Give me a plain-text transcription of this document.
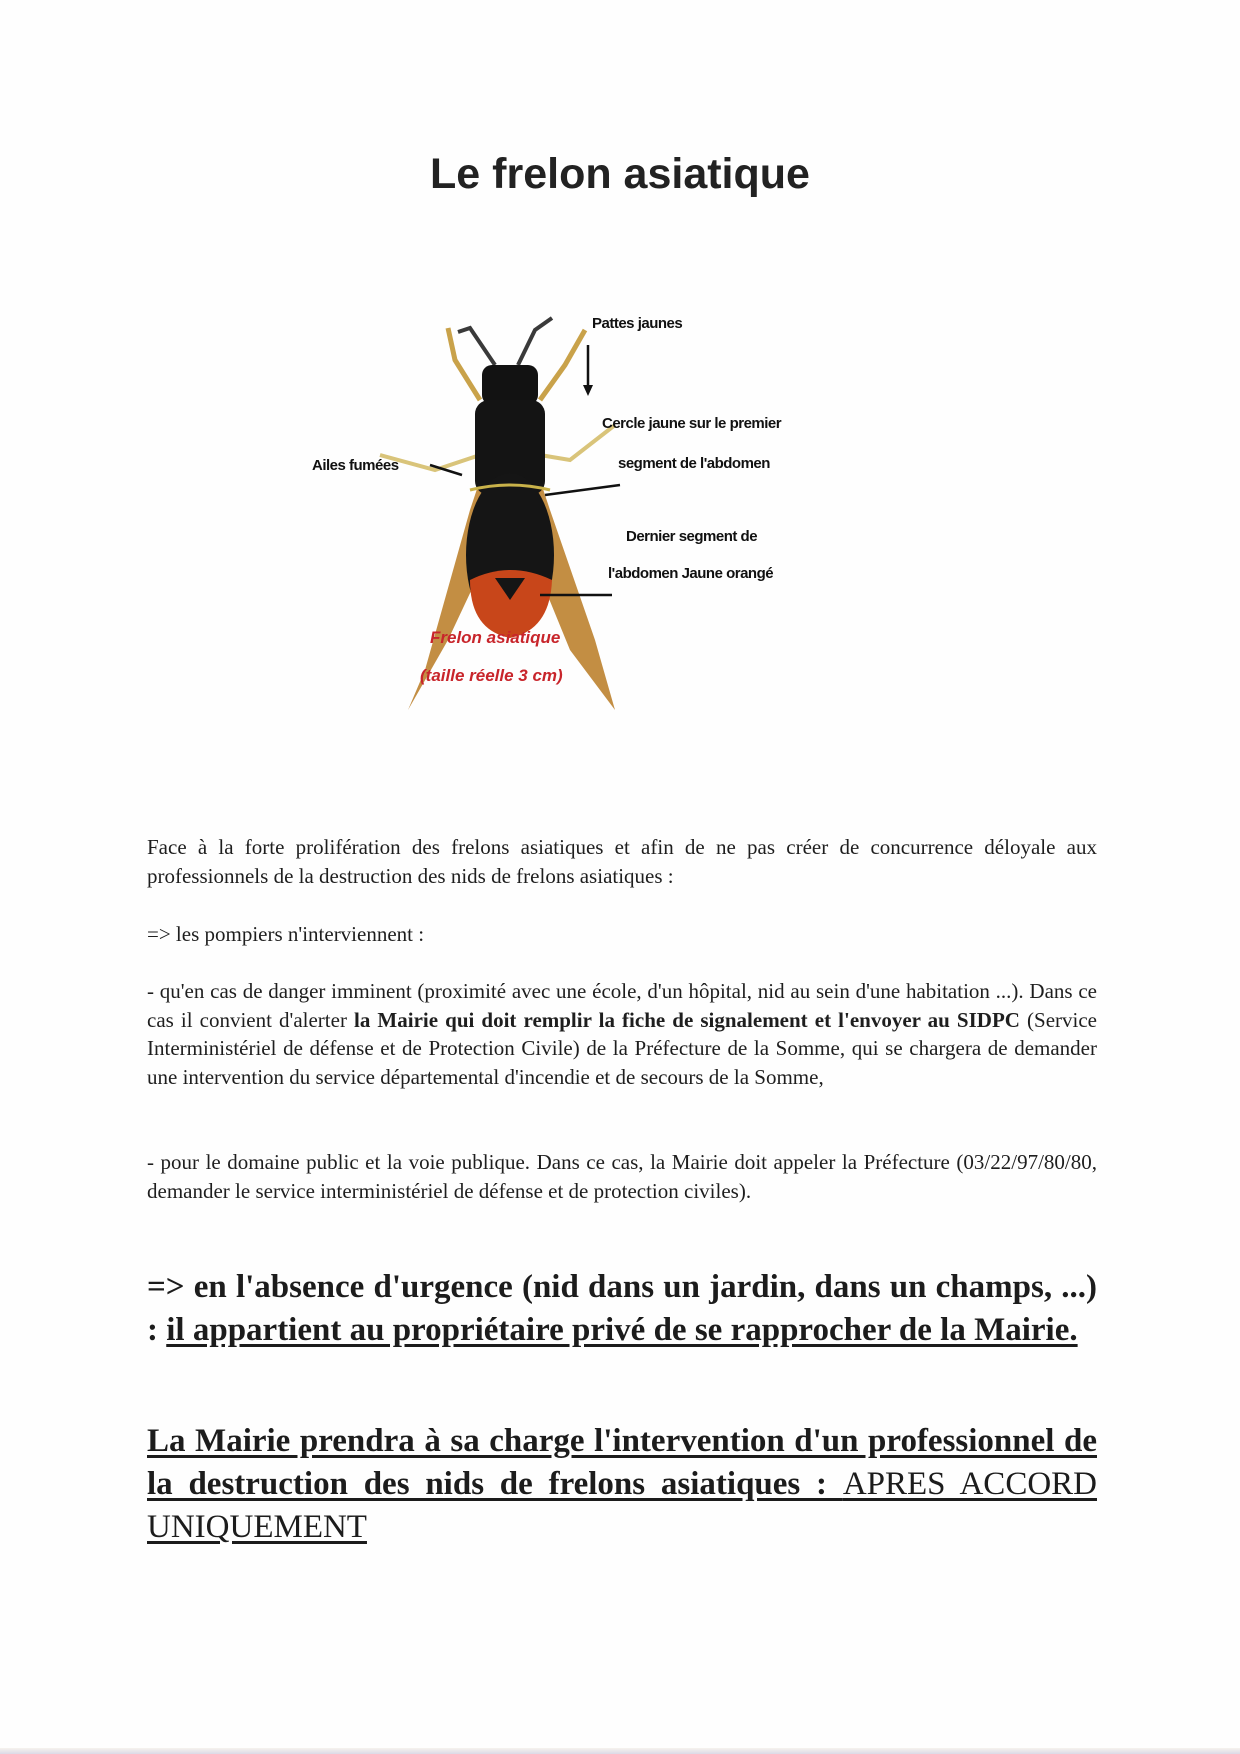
Le frelon asiatique
Pattes jaunes
Ailes fumées
Cercle jaune sur le premier
segment de l'abdomen
Dernier segment de
l'abdomen Jaune orangé
Frelon asiatique
(taille réelle 3 cm)

Face à la forte prolifération des frelons asiatiques et afin de ne pas créer de concurrence déloyale aux professionnels de la destruction des nids de frelons asiatiques :

=> les pompiers n'interviennent :

- qu'en cas de danger imminent (proximité avec une école, d'un hôpital, nid au sein d'une habitation ...). Dans ce cas il convient d'alerter la Mairie qui doit remplir la fiche de signalement et l'envoyer au SIDPC (Service Interministériel de défense et de Protection Civile) de la Préfecture de la Somme, qui se chargera de demander une intervention du service départemental d'incendie et de secours de la Somme,

- pour le domaine public et la voie publique. Dans ce cas, la Mairie doit appeler la Préfecture (03/22/97/80/80, demander le service interministériel de défense et de protection civiles).

=> en l'absence d'urgence (nid dans un jardin, dans un champs, ...) : il appartient au propriétaire privé de se rapprocher de la Mairie.

La Mairie prendra à sa charge l'intervention d'un professionnel de la destruction des nids de frelons asiatiques : APRES ACCORD UNIQUEMENT
